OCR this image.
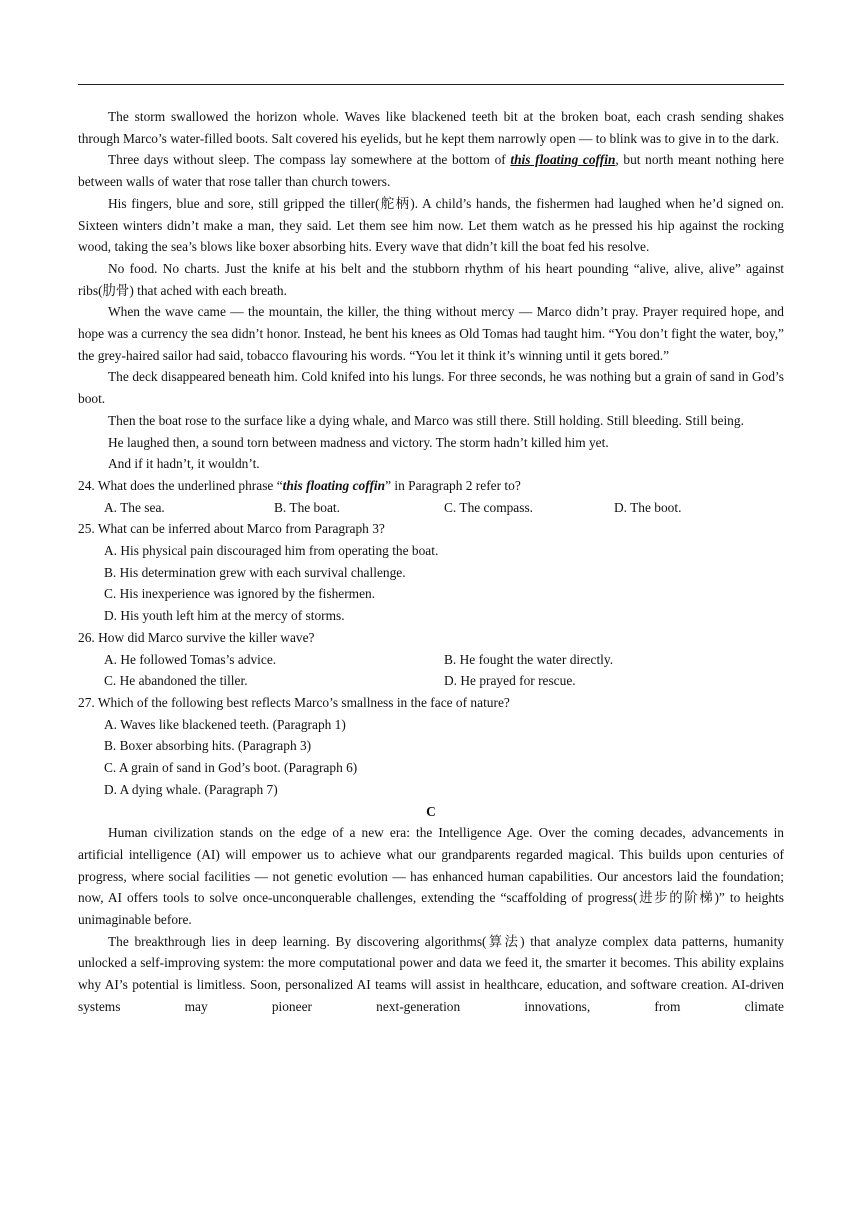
The storm swallowed the horizon whole. Waves like blackened teeth bit at the broken boat, each crash sending shakes through Marco’s water-filled boots. Salt covered his eyelids, but he kept them narrowly open — to blink was to give in to the dark.

Three days without sleep. The compass lay somewhere at the bottom of this floating coffin, but north meant nothing here between walls of water that rose taller than church towers.

His fingers, blue and sore, still gripped the tiller(舵柄). A child’s hands, the fishermen had laughed when he’d signed on. Sixteen winters didn’t make a man, they said. Let them see him now. Let them watch as he pressed his hip against the rocking wood, taking the sea’s blows like boxer absorbing hits. Every wave that didn’t kill the boat fed his resolve.

No food. No charts. Just the knife at his belt and the stubborn rhythm of his heart pounding “alive, alive, alive” against ribs(肋骨) that ached with each breath.

When the wave came — the mountain, the killer, the thing without mercy — Marco didn’t pray. Prayer required hope, and hope was a currency the sea didn’t honor. Instead, he bent his knees as Old Tomas had taught him. “You don’t fight the water, boy,” the grey-haired sailor had said, tobacco flavouring his words. “You let it think it’s winning until it gets bored.”

The deck disappeared beneath him. Cold knifed into his lungs. For three seconds, he was nothing but a grain of sand in God’s boot.

Then the boat rose to the surface like a dying whale, and Marco was still there. Still holding. Still bleeding. Still being.

He laughed then, a sound torn between madness and victory. The storm hadn’t killed him yet.

And if it hadn’t, it wouldn’t.

24. What does the underlined phrase “this floating coffin” in Paragraph 2 refer to?

A. The sea.	B. The boat.	C. The compass.	D. The boot.

25. What can be inferred about Marco from Paragraph 3?

A. His physical pain discouraged him from operating the boat.

B. His determination grew with each survival challenge.

C. His inexperience was ignored by the fishermen.

D. His youth left him at the mercy of storms.

26. How did Marco survive the killer wave?

A. He followed Tomas’s advice.	B. He fought the water directly.
C. He abandoned the tiller.	D. He prayed for rescue.

27. Which of the following best reflects Marco’s smallness in the face of nature?

A. Waves like blackened teeth. (Paragraph 1)

B. Boxer absorbing hits. (Paragraph 3)

C. A grain of sand in God’s boot. (Paragraph 6)

D. A dying whale. (Paragraph 7)

C

Human civilization stands on the edge of a new era: the Intelligence Age. Over the coming decades, advancements in artificial intelligence (AI) will empower us to achieve what our grandparents regarded magical. This builds upon centuries of progress, where social facilities — not genetic evolution — has enhanced human capabilities. Our ancestors laid the foundation; now, AI offers tools to solve once-unconquerable challenges, extending the “scaffolding of progress(进步的阶梯)” to heights unimaginable before.

The breakthrough lies in deep learning. By discovering algorithms(算法) that analyze complex data patterns, humanity unlocked a self-improving system: the more computational power and data we feed it, the smarter it becomes. This ability explains why AI’s potential is limitless. Soon, personalized AI teams will assist in healthcare, education, and software creation. AI-driven systems may pioneer next-generation innovations, from climate
